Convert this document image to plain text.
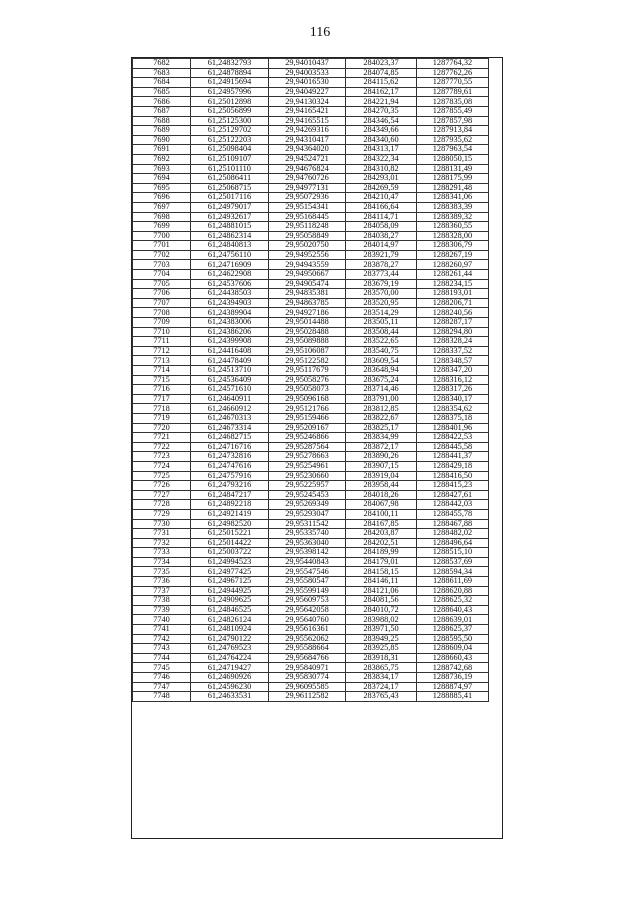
116
7682	61,24832793	29,94010437	284023,37	1287764,32
7683	61,24878894	29,94003533	284074,85	1287762,26
7684	61,24915694	29,94016530	284115,62	1287770,55
7685	61,24957996	29,94049227	284162,17	1287789,61
7686	61,25012898	29,94130324	284221,94	1287835,08
7687	61,25056899	29,94165421	284270,35	1287855,49
7688	61,25125300	29,94165515	284346,54	1287857,98
7689	61,25129702	29,94269316	284349,66	1287913,84
7690	61,25122203	29,94310417	284340,60	1287935,62
7691	61,25098404	29,94364020	284313,17	1287963,54
7692	61,25109107	29,94524721	284322,34	1288050,15
7693	61,25101110	29,94676824	284310,82	1288131,49
7694	61,25086411	29,94760726	284293,01	1288175,99
7695	61,25068715	29,94977131	284269,59	1288291,48
7696	61,25017116	29,95072936	284210,47	1288341,06
7697	61,24979017	29,95154341	284166,64	1288383,39
7698	61,24932617	29,95168445	284114,71	1288389,32
7699	61,24881015	29,95118248	284058,09	1288360,55
7700	61,24862314	29,95058849	284038,27	1288328,00
7701	61,24840813	29,95020750	284014,97	1288306,79
7702	61,24756110	29,94952556	283921,79	1288267,19
7703	61,24716909	29,94943559	283878,27	1288260,97
7704	61,24622908	29,94950667	283773,44	1288261,44
7705	61,24537606	29,94905474	283679,19	1288234,15
7706	61,24438503	29,94835381	283570,00	1288193,01
7707	61,24394903	29,94863785	283520,95	1288206,71
7708	61,24389904	29,94927186	283514,29	1288240,56
7709	61,24383006	29,95014488	283505,11	1288287,17
7710	61,24386206	29,95028488	283508,44	1288294,80
7711	61,24399908	29,95089888	283522,65	1288328,24
7712	61,24416408	29,95106087	283540,75	1288337,52
7713	61,24478409	29,95122582	283609,54	1288348,57
7714	61,24513710	29,95117679	283648,94	1288347,20
7715	61,24536409	29,95058276	283675,24	1288316,12
7716	61,24571610	29,95058073	283714,46	1288317,26
7717	61,24640911	29,95096168	283791,00	1288340,17
7718	61,24660912	29,95121766	283812,85	1288354,62
7719	61,24670313	29,95159466	283822,67	1288375,18
7720	61,24673314	29,95209167	283825,17	1288401,96
7721	61,24682715	29,95246866	283834,99	1288422,53
7722	61,24716716	29,95287564	283872,17	1288445,58
7723	61,24732816	29,95278663	283890,26	1288441,37
7724	61,24747616	29,95254961	283907,15	1288429,18
7725	61,24757916	29,95230660	283919,04	1288416,50
7726	61,24793216	29,95225957	283958,44	1288415,23
7727	61,24847217	29,95245453	284018,26	1288427,61
7728	61,24892218	29,95269349	284067,98	1288442,03
7729	61,24921419	29,95293047	284100,11	1288455,78
7730	61,24982520	29,95311542	284167,85	1288467,88
7731	61,25015221	29,95335740	284203,87	1288482,02
7732	61,25014422	29,95363040	284202,51	1288496,64
7733	61,25003722	29,95398142	284189,99	1288515,10
7734	61,24994523	29,95440843	284179,01	1288537,69
7735	61,24977425	29,95547546	284158,15	1288594,34
7736	61,24967125	29,95580547	284146,11	1288611,69
7737	61,24944925	29,95599149	284121,06	1288620,88
7738	61,24909625	29,95609753	284081,56	1288625,32
7739	61,24846525	29,95642058	284010,72	1288640,43
7740	61,24826124	29,95640760	283988,02	1288639,01
7741	61,24810924	29,95616361	283971,50	1288625,37
7742	61,24790122	29,95562062	283949,25	1288595,50
7743	61,24769523	29,95588664	283925,85	1288609,04
7744	61,24764224	29,95684766	283918,31	1288660,43
7745	61,24719427	29,95840971	283865,75	1288742,68
7746	61,24690926	29,95830774	283834,17	1288736,19
7747	61,24596230	29,96095585	283724,17	1288874,97
7748	61,24633531	29,96112582	283765,43	1288885,41
